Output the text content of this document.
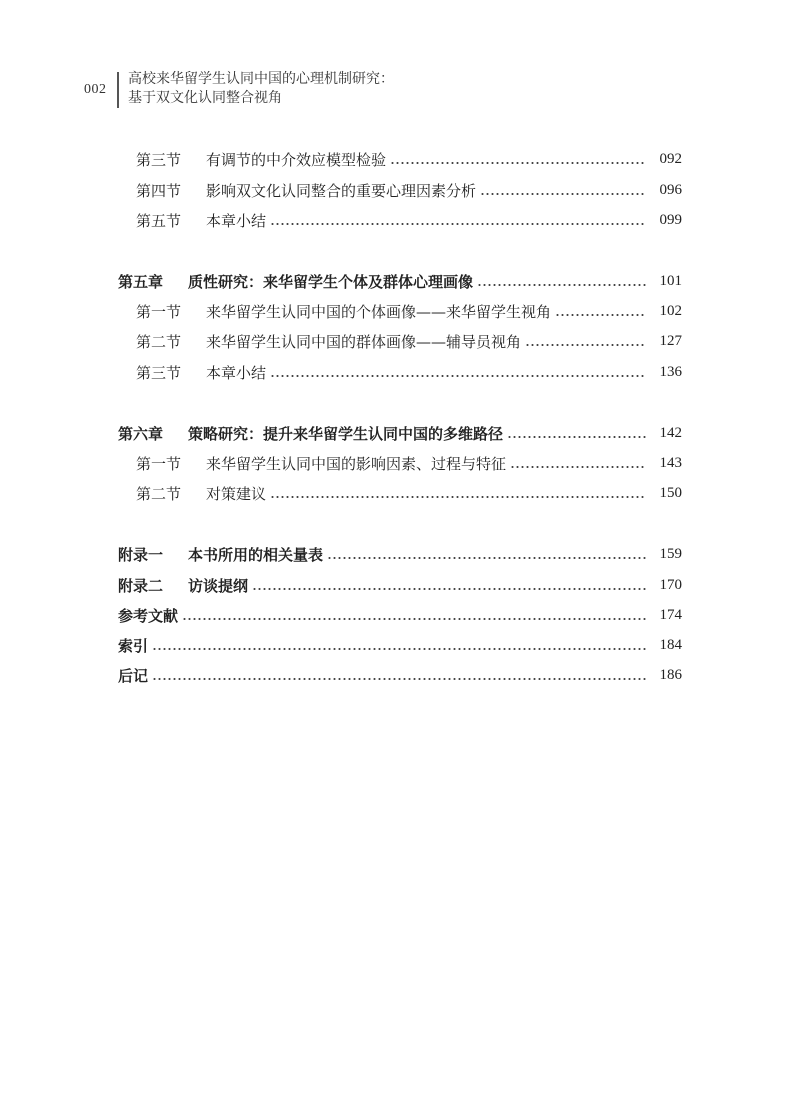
002
高校来华留学生认同中国的心理机制研究：
基于双文化认同整合视角
第三节	有调节的中介效应模型检验	092
第四节	影响双文化认同整合的重要心理因素分析	096
第五节	本章小结	099
第五章	质性研究：来华留学生个体及群体心理画像	101
第一节	来华留学生认同中国的个体画像——来华留学生视角	102
第二节	来华留学生认同中国的群体画像——辅导员视角	127
第三节	本章小结	136
第六章	策略研究：提升来华留学生认同中国的多维路径	142
第一节	来华留学生认同中国的影响因素、过程与特征	143
第二节	对策建议	150
附录一	本书所用的相关量表	159
附录二	访谈提纲	170
参考文献	174
索引	184
后记	186
